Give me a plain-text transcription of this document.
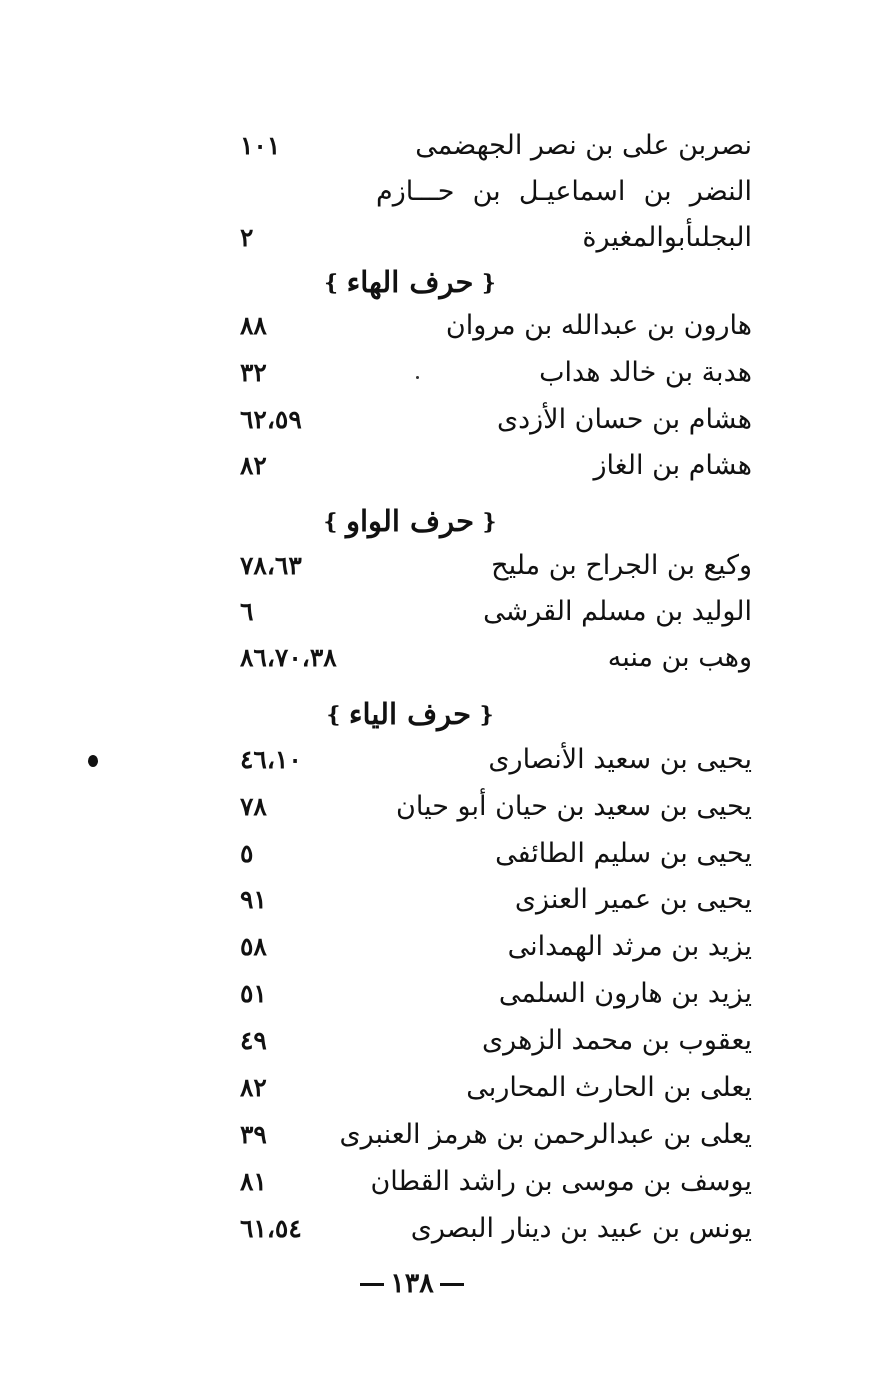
نصربن على بن نصر الجهضمى
١٠١
النضر بن اسماعيـل بن حـــازم
البجلىأبوالمغيرة
٢
❴حرف الهاء❵
هارون بن عبدالله بن مروان
٨٨
هدبة بن خالد هداب
٣٢
هشام بن حسان الأزدى
٦٢،٥٩
هشام بن الغاز
٨٢
❴حرف الواو❵
وكيع بن الجراح بن مليح
٧٨،٦٣
الوليد بن مسلم القرشى
٦
وهب بن منبه
٨٦،٧٠،٣٨
❴حرف الياء❵
يحيى بن سعيد الأنصارى
٤٦،١٠
يحيى بن سعيد بن حيان أبو حيان
٧٨
يحيى بن سليم الطائفى
٥
يحيى بن عمير العنزى
٩١
يزيد بن مرثد الهمدانى
٥٨
يزيد بن هارون السلمى
٥١
يعقوب بن محمد الزهرى
٤٩
يعلى بن الحارث المحاربى
٨٢
يعلى بن عبدالرحمن بن هرمز العنبرى
٣٩
يوسف بن موسى بن راشد القطان
٨١
يونس بن عبيد بن دينار البصرى
٦١،٥٤
١٣٨
